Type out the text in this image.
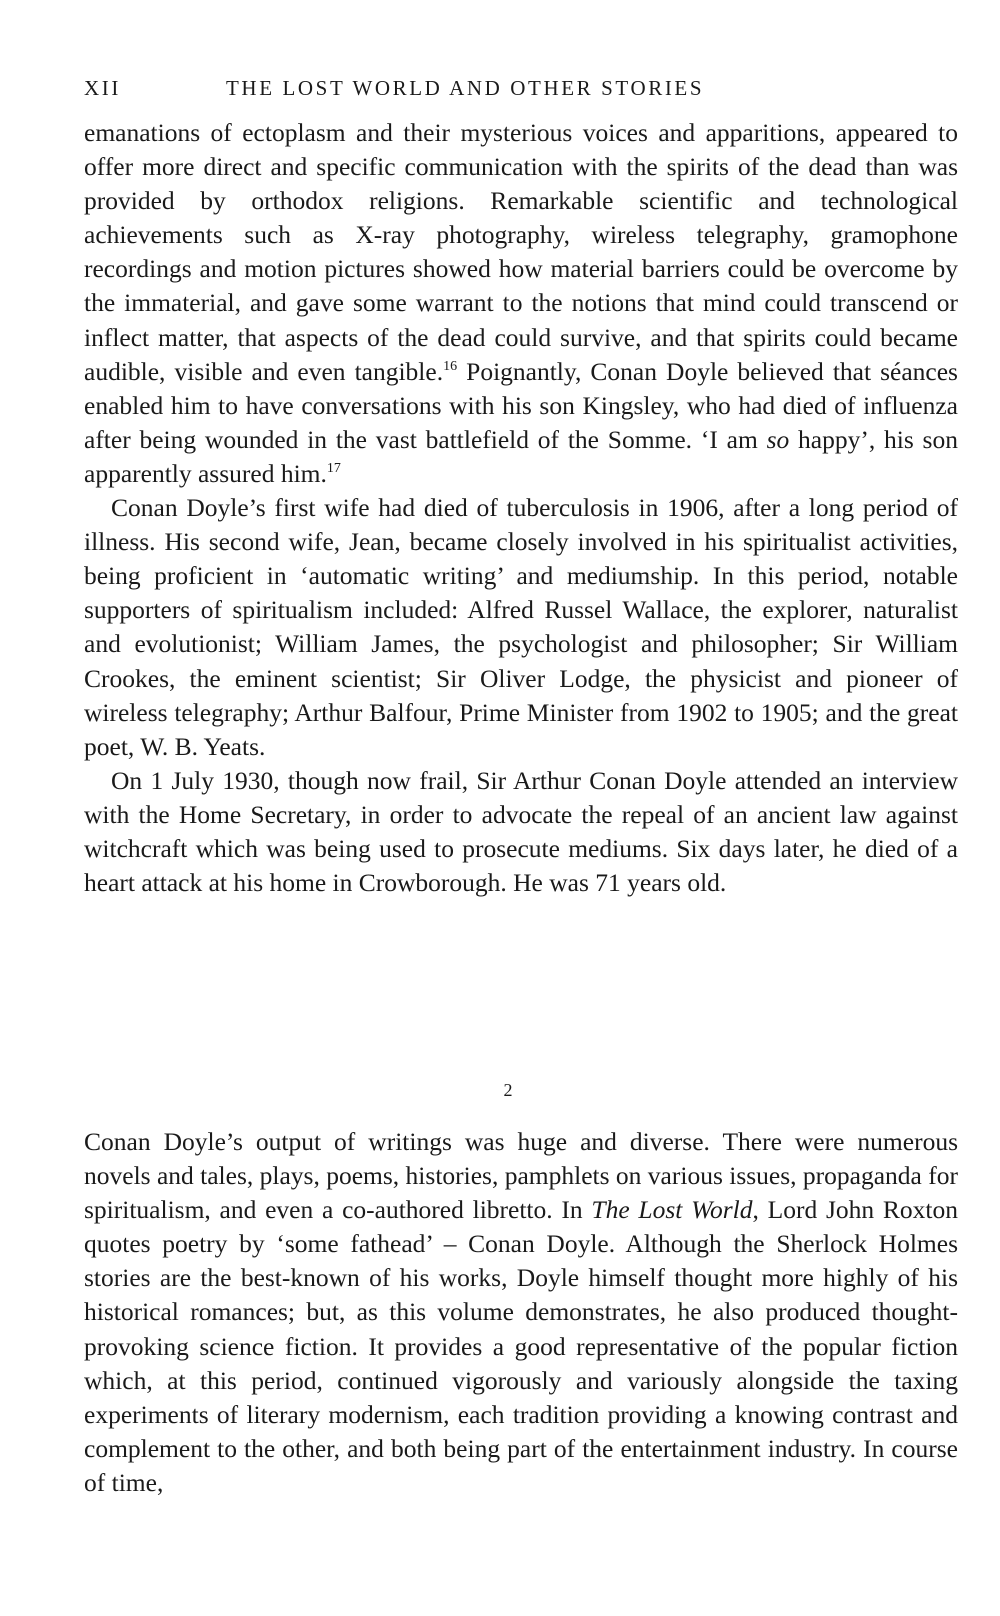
XII	THE LOST WORLD AND OTHER STORIES

emanations of ectoplasm and their mysterious voices and apparitions, appeared to offer more direct and specific communication with the spirits of the dead than was provided by orthodox religions. Remarkable scientific and technological achievements such as X-ray photography, wireless telegraphy, gramophone recordings and motion pictures showed how material barriers could be overcome by the immaterial, and gave some warrant to the notions that mind could transcend or inflect matter, that aspects of the dead could survive, and that spirits could became audible, visible and even tangible.$^{16}$ Poignantly, Conan Doyle believed that séances enabled him to have conversations with his son Kingsley, who had died of influenza after being wounded in the vast battlefield of the Somme. ‘I am so happy’, his son apparently assured him.$^{17}$

Conan Doyle’s first wife had died of tuberculosis in 1906, after a long period of illness. His second wife, Jean, became closely involved in his spiritualist activities, being proficient in ‘automatic writing’ and mediumship. In this period, notable supporters of spiritualism included: Alfred Russel Wallace, the explorer, naturalist and evolutionist; William James, the psychologist and philosopher; Sir William Crookes, the eminent scientist; Sir Oliver Lodge, the physicist and pioneer of wireless telegraphy; Arthur Balfour, Prime Minister from 1902 to 1905; and the great poet, W. B. Yeats.

On 1 July 1930, though now frail, Sir Arthur Conan Doyle attended an interview with the Home Secretary, in order to advocate the repeal of an ancient law against witchcraft which was being used to prosecute mediums. Six days later, he died of a heart attack at his home in Crowborough. He was 71 years old.

2

Conan Doyle’s output of writings was huge and diverse. There were numerous novels and tales, plays, poems, histories, pamphlets on various issues, propaganda for spiritualism, and even a co-authored libretto. In The Lost World, Lord John Roxton quotes poetry by ‘some fathead’ – Conan Doyle. Although the Sherlock Holmes stories are the best-known of his works, Doyle himself thought more highly of his historical romances; but, as this volume demonstrates, he also produced thought-provoking science fiction. It provides a good representative of the popular fiction which, at this period, continued vigorously and variously alongside the taxing experiments of literary modernism, each tradition providing a knowing contrast and complement to the other, and both being part of the entertainment industry. In course of time,
